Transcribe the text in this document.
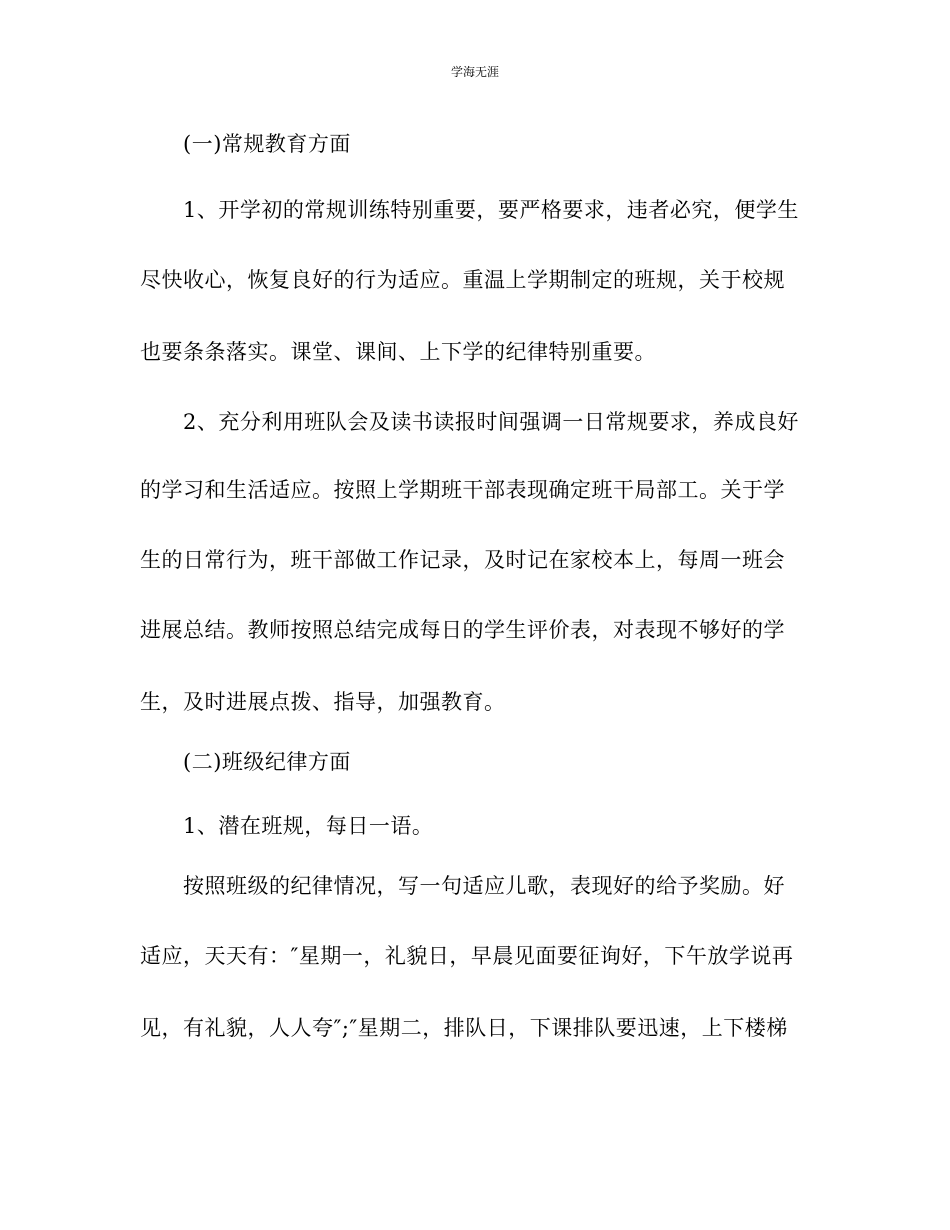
学海无涯
(一)常规教育方面
1、开学初的常规训练特别重要，要严格要求，违者必究，便学生
尽快收心，恢复良好的行为适应。重温上学期制定的班规，关于校规
也要条条落实。课堂、课间、上下学的纪律特别重要。
2、充分利用班队会及读书读报时间强调一日常规要求，养成良好
的学习和生活适应。按照上学期班干部表现确定班干局部工。关于学
生的日常行为，班干部做工作记录，及时记在家校本上，每周一班会
进展总结。教师按照总结完成每日的学生评价表，对表现不够好的学
生，及时进展点拨、指导，加强教育。
(二)班级纪律方面
1、潜在班规，每日一语。
按照班级的纪律情况，写一句适应儿歌，表现好的给予奖励。好
适应，天天有：″星期一，礼貌日，早晨见面要征询好，下午放学说再
见，有礼貌，人人夸″;″星期二，排队日，下课排队要迅速，上下楼梯
